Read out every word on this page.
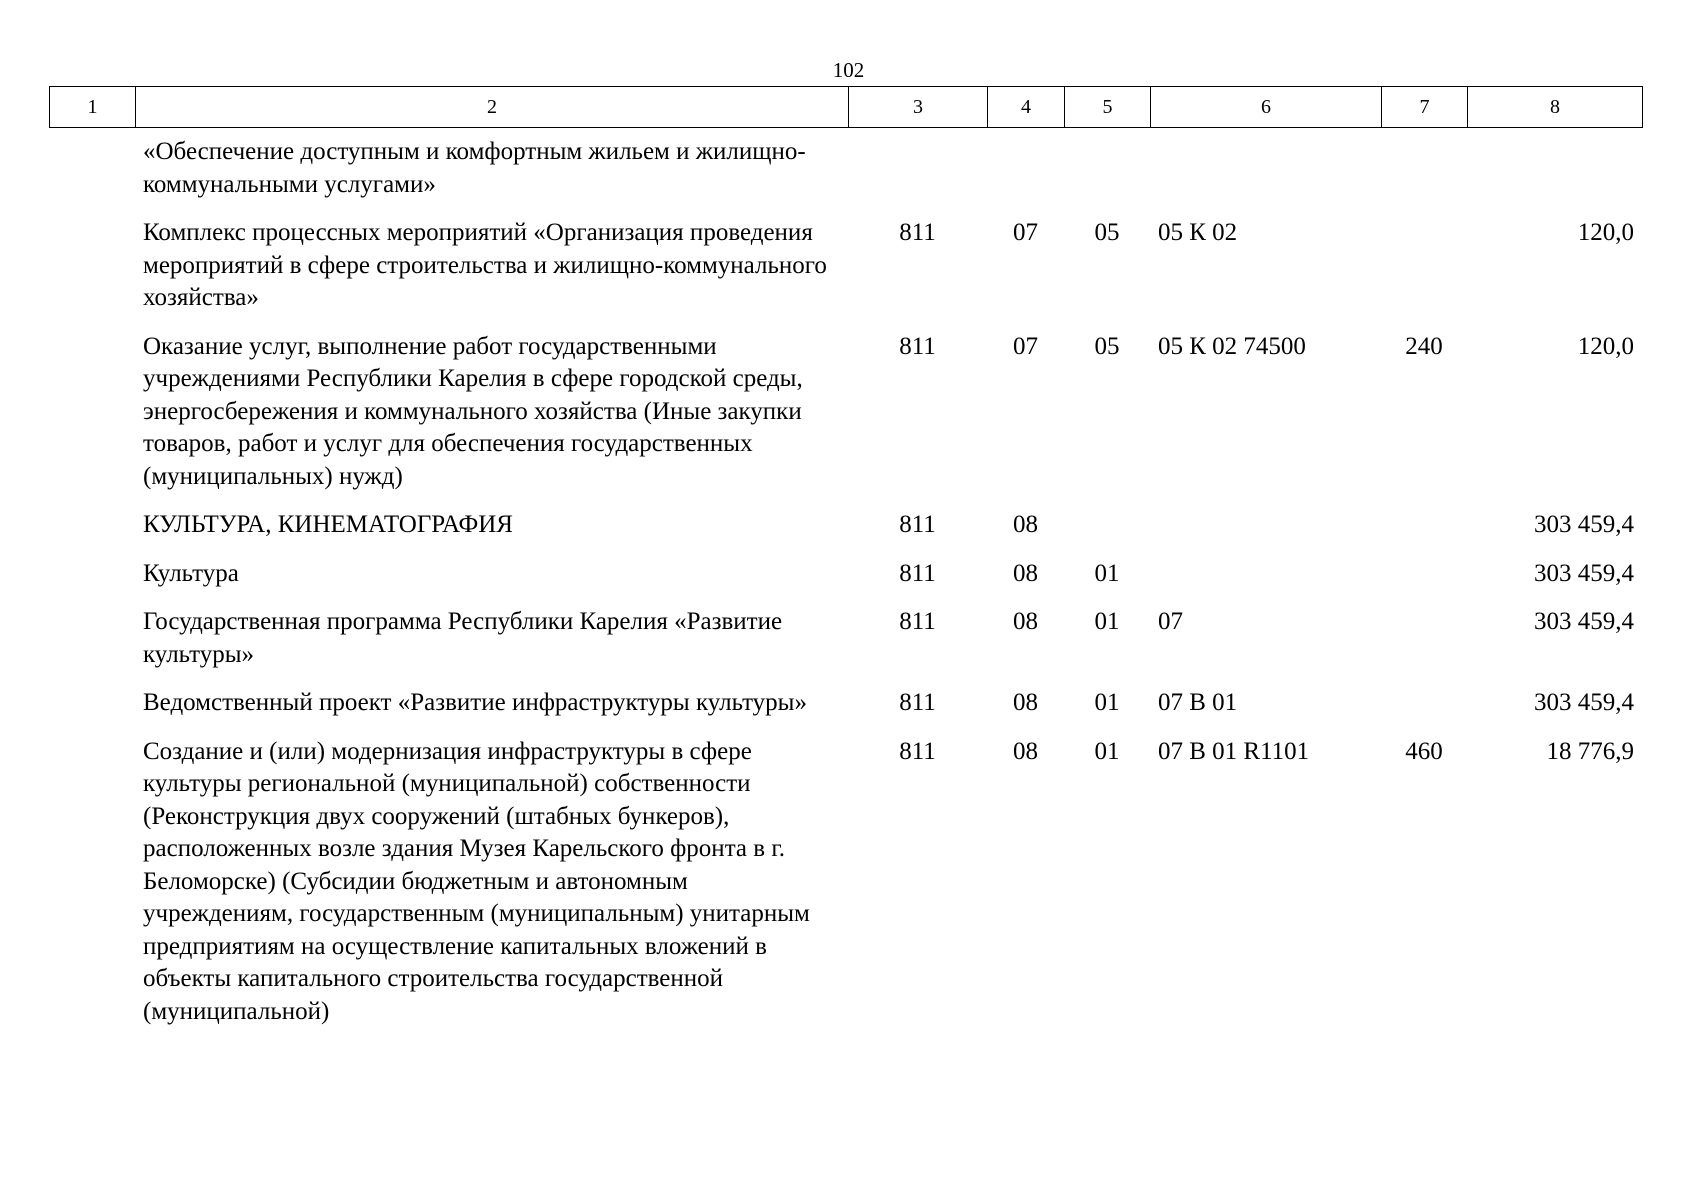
102
1	2	3	4	5	6	7	8
«Обеспечение доступным и комфортным жильем и жилищно-коммунальными услугами»						
Комплекс процессных мероприятий «Организация проведения мероприятий в сфере строительства и жилищно-коммунального хозяйства»	811	07	05	05 К 02		120,0
Оказание услуг, выполнение работ государственными учреждениями Республики Карелия в сфере городской среды, энергосбережения и коммунального хозяйства (Иные закупки товаров, работ и услуг для обеспечения государственных (муниципальных) нужд)	811	07	05	05 К 02 74500	240	120,0
КУЛЬТУРА, КИНЕМАТОГРАФИЯ	811	08				303 459,4
Культура	811	08	01			303 459,4
Государственная программа Республики Карелия «Развитие культуры»	811	08	01	07		303 459,4
Ведомственный проект «Развитие инфраструктуры культуры»	811	08	01	07 В 01		303 459,4
Создание и (или) модернизация инфраструктуры в сфере культуры региональной (муниципальной) собственности (Реконструкция двух сооружений (штабных бункеров), расположенных возле здания Музея Карельского фронта в г. Беломорске) (Субсидии бюджетным и автономным учреждениям, государственным (муниципальным) унитарным предприятиям на осуществление капитальных вложений в объекты капитального строительства государственной (муниципальной)	811	08	01	07 В 01 R1101	460	18 776,9
